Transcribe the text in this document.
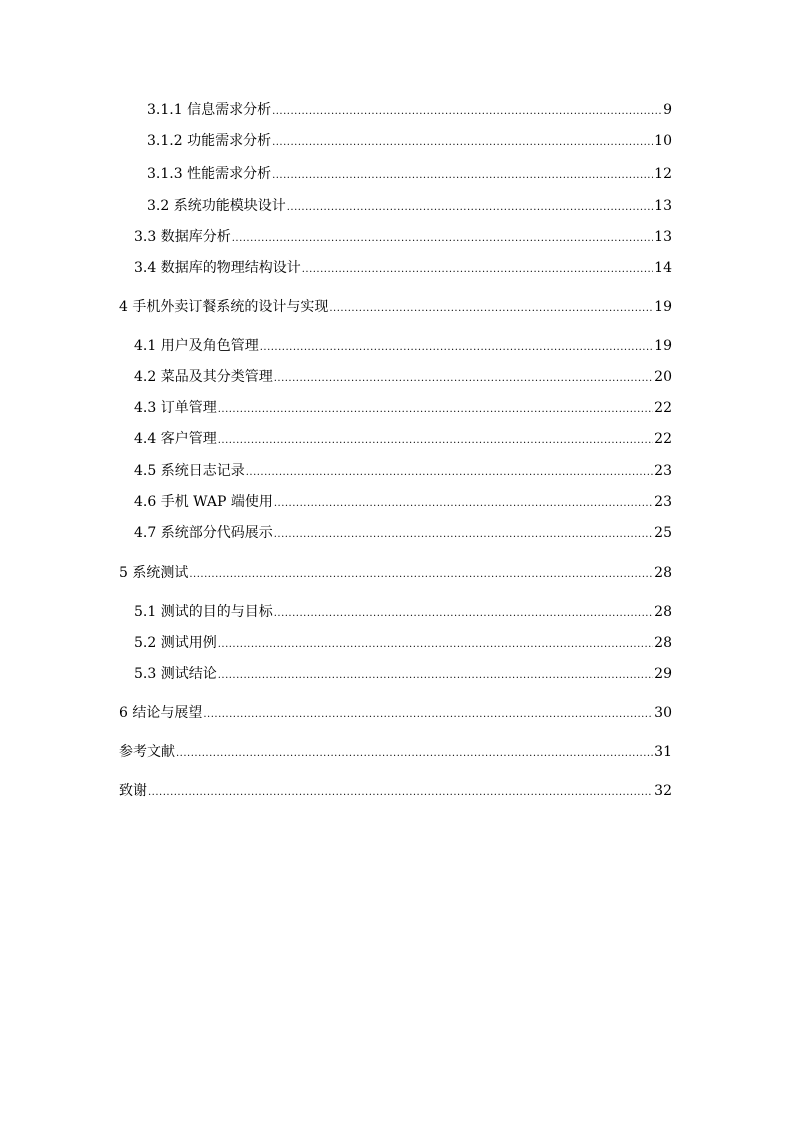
3.1.1 信息需求分析 .....	9
3.1.2 功能需求分析 .....	10
3.1.3 性能需求分析 .....	12
3.2 系统功能模块设计 .....	13
3.3 数据库分析 .....	13
3.4 数据库的物理结构设计 .....	14
4 手机外卖订餐系统的设计与实现 .....	19
4.1 用户及角色管理 .....	19
4.2 菜品及其分类管理 .....	20
4.3 订单管理 .....	22
4.4 客户管理 .....	22
4.5 系统日志记录 .....	23
4.6 手机 WAP 端使用 .....	23
4.7 系统部分代码展示 .....	25
5 系统测试 .....	28
5.1 测试的目的与目标 .....	28
5.2 测试用例 .....	28
5.3 测试结论 .....	29
6 结论与展望 .....	30
参考文献 .....	31
致谢 .....	32
